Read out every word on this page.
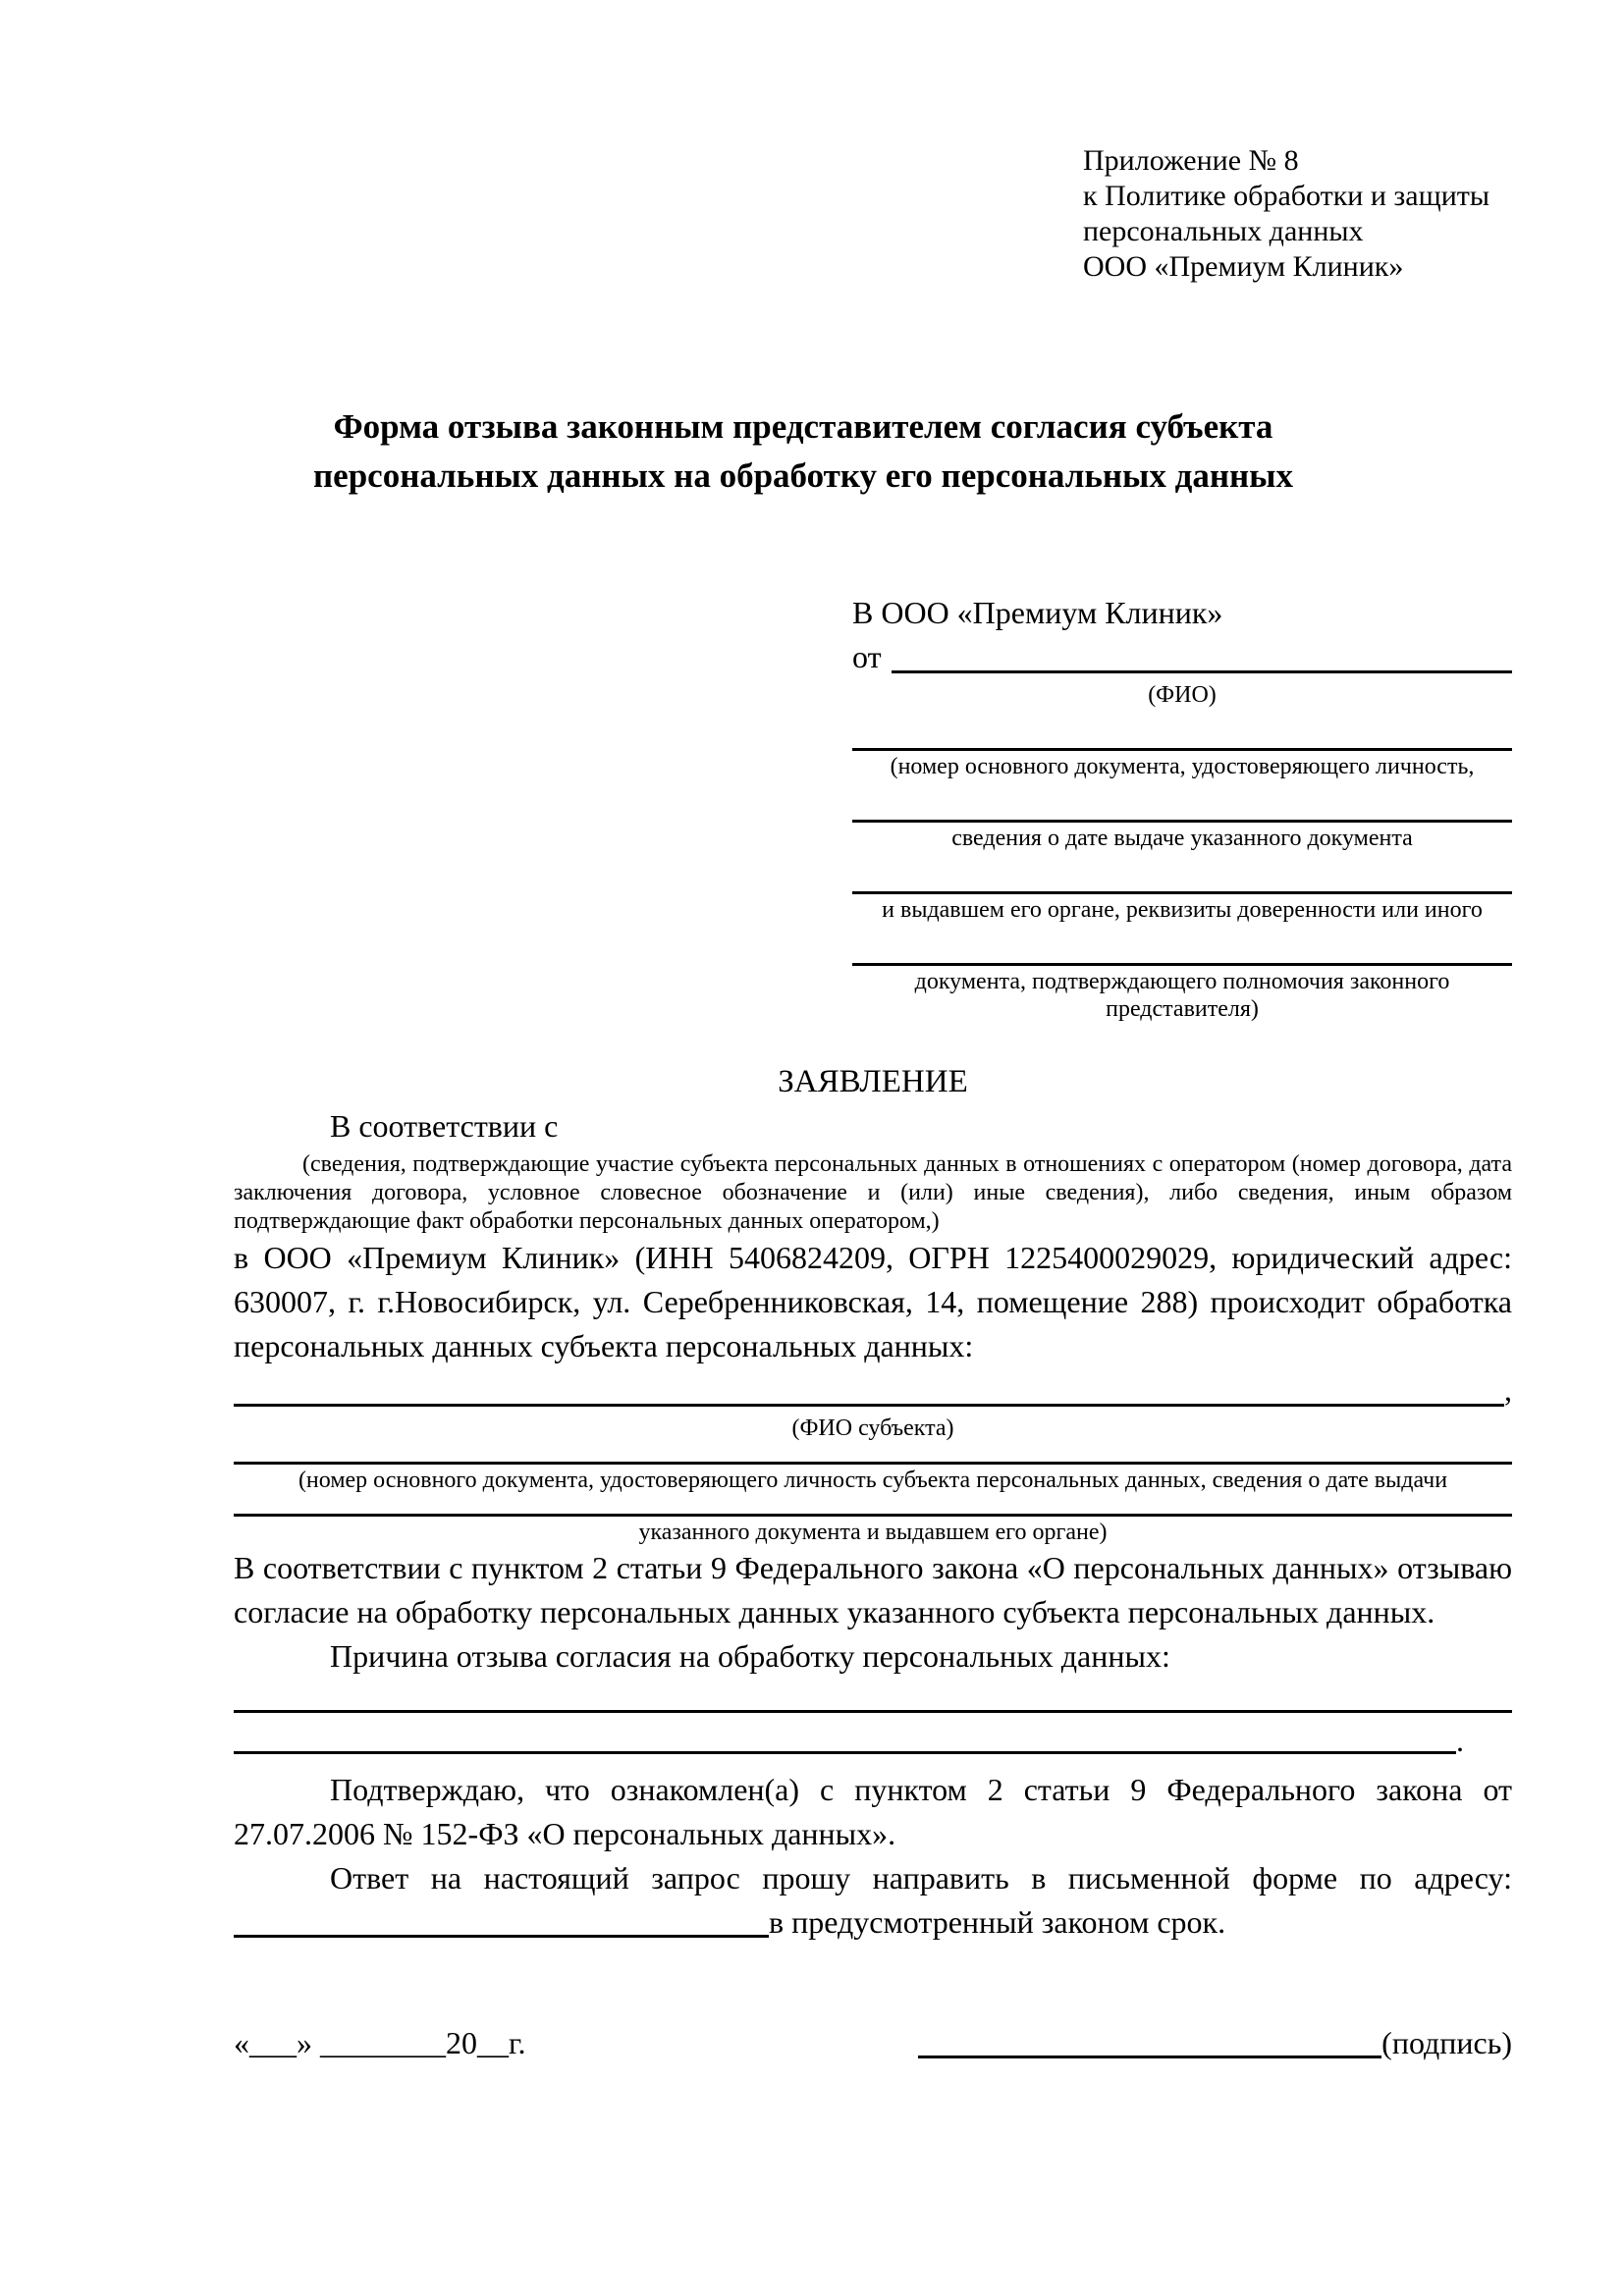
Приложение № 8
к Политике обработки и защиты
персональных данных
ООО «Премиум Клиник»
Форма отзыва законным представителем согласия субъекта персональных данных на обработку его персональных данных
В ООО «Премиум Клиник»
от
(ФИО)
(номер основного документа, удостоверяющего личность,
сведения о дате выдаче указанного документа
и выдавшем его органе, реквизиты доверенности или иного
документа, подтверждающего полномочия законного представителя)
ЗАЯВЛЕНИЕ
В соответствии с
(сведения, подтверждающие участие субъекта персональных данных в отношениях с оператором (номер договора, дата заключения договора, условное словесное обозначение и (или) иные сведения), либо сведения, иным образом подтверждающие факт обработки персональных данных оператором,)

в ООО «Премиум Клиник» (ИНН 5406824209, ОГРН 1225400029029, юридический адрес: 630007, г. г.Новосибирск, ул. Серебренниковская, 14, помещение 288) происходит обработка персональных данных субъекта персональных данных:

,
(ФИО субъекта)
(номер основного документа, удостоверяющего личность субъекта персональных данных, сведения о дате выдачи
указанного документа и выдавшем его органе)

В соответствии с пунктом 2 статьи 9 Федерального закона «О персональных данных» отзываю согласие на обработку персональных данных указанного субъекта персональных данных.

Причина отзыва согласия на обработку персональных данных:
.

Подтверждаю, что ознакомлен(а) с пунктом 2 статьи 9 Федерального закона от 27.07.2006 № 152-ФЗ «О персональных данных».

Ответ на настоящий запрос прошу направить в письменной форме по адресу:

в предусмотренный законом срок.
«___» ________20__г.	(подпись)
